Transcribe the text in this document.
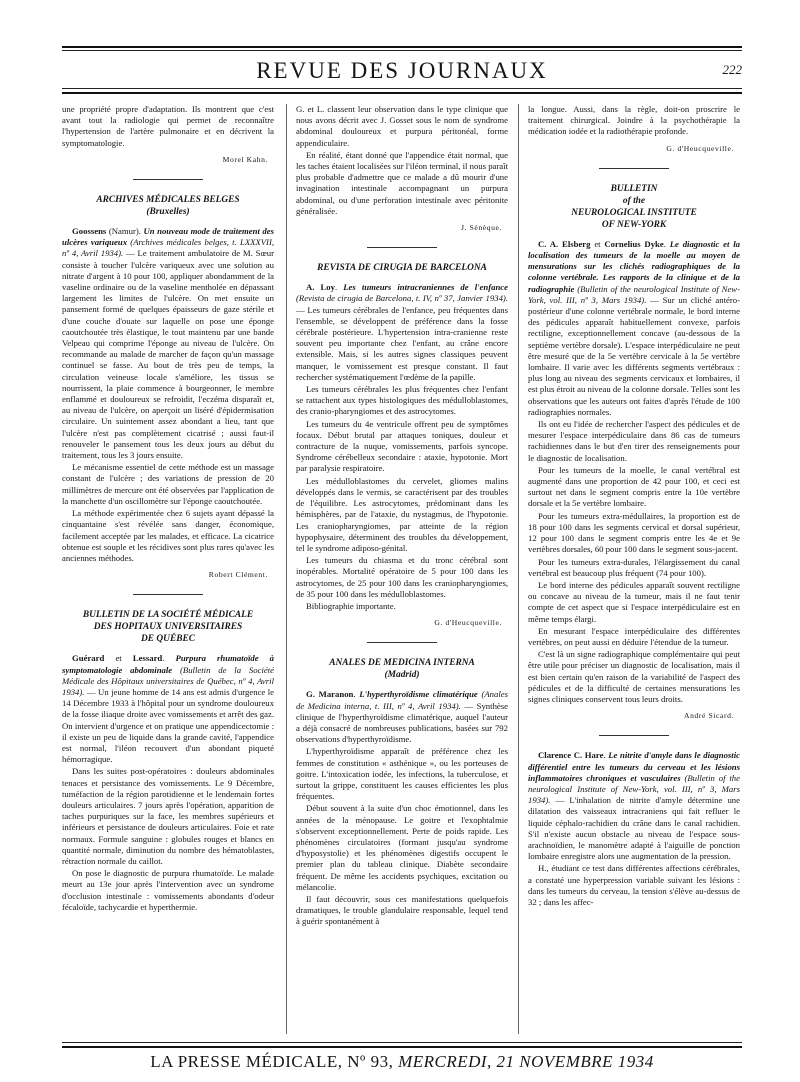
REVUE DES JOURNAUX	222

une propriété propre d'adaptation. Ils montrent que c'est avant tout la radiologie qui permet de reconnaître l'hypertension de l'artère pulmonaire et en décrivent la symptomatologie.

Morel Kahn.
ARCHIVES MÉDICALES BELGES
(Bruxelles)

Goossens (Namur). Un nouveau mode de traitement des ulcères variqueux (Archives médicales belges, t. LXXXVII, nº 4, Avril 1934). — Le traitement ambulatoire de M. Sœur consiste à toucher l'ulcère variqueux avec une solution au nitrate d'argent à 10 pour 100, appliquer abondamment de la vaseline ordinaire ou de la vaseline mentholée en dépassant largement les limites de l'ulcère. On met ensuite un pansement formé de quelques épaisseurs de gaze stérile et d'une couche d'ouate sur laquelle on pose une éponge caoutchoutée très élastique, le tout maintenu par une bande Velpeau qui comprime l'éponge au niveau de l'ulcère. On recommande au malade de marcher de façon qu'un massage continuel se fasse. Au bout de très peu de temps, la circulation veineuse locale s'améliore, les tissus se nourrissent, la plaie commence à bourgeonner, le membre enflammé et douloureux se refroidit, l'eczéma disparaît et, au niveau de l'ulcère, on aperçoit un liséré d'épidermisation circulaire. Un suintement assez abondant a lieu, tant que l'ulcère n'est pas complètement cicatrisé ; aussi faut-il renouveler le pansement tous les deux jours au début du traitement, tous les 3 jours ensuite.

Le mécanisme essentiel de cette méthode est un massage constant de l'ulcère ; des variations de pression de 20 millimètres de mercure ont été observées par l'application de la manchette d'un oscillomètre sur l'éponge caoutchoutée.

La méthode expérimentée chez 6 sujets ayant dépassé la cinquantaine s'est révélée sans danger, économique, facilement acceptée par les malades, et efficace. La cicatrice obtenue est souple et les récidives sont plus rares qu'avec les anciennes méthodes.

Robert Clément.
BULLETIN DE LA SOCIÉTÉ MÉDICALE
DES HOPITAUX UNIVERSITAIRES
DE QUÉBEC

Guérard et Lessard. Purpura rhumatoïde à symptomatologie abdominale (Bulletin de la Société Médicale des Hôpitaux universitaires de Québec, nº 4, Avril 1934). — Un jeune homme de 14 ans est admis d'urgence le 14 Décembre 1933 à l'hôpital pour un syndrome douloureux de la fosse iliaque droite avec vomissements et arrêt des gaz. On intervient d'urgence et on pratique une appendicectomie : il existe un peu de liquide dans la grande cavité, l'appendice est normal, l'iléon recouvert d'un abondant piqueté hémorragique.

Dans les suites post-opératoires : douleurs abdominales tenaces et persistance des vomissements. Le 9 Décembre, tuméfaction de la région parotidienne et le lendemain fortes douleurs articulaires. 7 jours après l'opération, apparition de taches purpuriques sur la face, les membres supérieurs et inférieurs et persistance de douleurs articulaires. Foie et rate normaux. Formule sanguine : globules rouges et blancs en quantité normale, diminution du nombre des hématoblastes, rétraction normale du caillot.

On pose le diagnostic de purpura rhumatoïde. Le malade meurt au 13e jour après l'intervention avec un syndrome d'occlusion intestinale : vomissements abondants d'odeur fécaloïde, tachycardie et hyperthermie.

G. et L. classent leur observation dans le type clinique que nous avons décrit avec J. Gosset sous le nom de syndrome abdominal douloureux et purpura péritonéal, forme appendiculaire.

En réalité, étant donné que l'appendice était normal, que les taches étaient localisées sur l'iléon terminal, il nous paraît plus probable d'admettre que ce malade a dû mourir d'une invagination intestinale accompagnant un purpura abdominal, ou d'une perforation intestinale avec péritonite généralisée.

J. Sénèque.
REVISTA DE CIRUGIA DE BARCELONA

A. Loy. Les tumeurs intracraniennes de l'enfance (Revista de cirugia de Barcelona, t. IV, nº 37, Janvier 1934). — Les tumeurs cérébrales de l'enfance, peu fréquentes dans l'ensemble, se développent de préférence dans la fosse cérébrale postérieure. L'hypertension intra-cranienne reste souvent peu importante chez l'enfant, au crâne encore extensible. Mais, si les autres signes classiques peuvent manquer, le vomissement est presque constant. Il faut rechercher systématiquement l'œdème de la papille.

Les tumeurs cérébrales les plus fréquentes chez l'enfant se rattachent aux types histologiques des médulloblastomes, des cranio-pharyngiomes et des astrocytomes.

Les tumeurs du 4e ventricule offrent peu de symptômes focaux. Début brutal par attaques toniques, douleur et contracture de la nuque, vomissements, parfois syncope. Syndrome cérébelleux secondaire : ataxie, hypotonie. Mort par paralysie respiratoire.

Les médulloblastomes du cervelet, gliomes malins développés dans le vermis, se caractérisent par des troubles de l'équilibre. Les astrocytomes, prédominant dans les hémisphères, par de l'ataxie, du nystagmus, de l'hypotonie. Les craniopharyngiomes, par atteinte de la région hypophysaire, déterminent des troubles du développement, tel le syndrome adiposo-génital.

Les tumeurs du chiasma et du tronc cérébral sont inopérables. Mortalité opératoire de 5 pour 100 dans les astrocytomes, de 25 pour 100 dans les craniopharyngiomes, de 35 pour 100 dans les médulloblastomes.

Bibliographie importante.

G. d'Heucqueville.
ANALES DE MEDICINA INTERNA
(Madrid)

G. Maranon. L'hyperthyroïdisme climatérique (Anales de Medicina interna, t. III, nº 4, Avril 1934). — Synthèse clinique de l'hyperthyroïdisme climatérique, auquel l'auteur a déjà consacré de nombreuses publications, basées sur 792 observations d'hyperthyroïdisme.

L'hyperthyroïdisme apparaît de préférence chez les femmes de constitution « asthénique », ou les porteuses de goitre. L'intoxication iodée, les infections, la tuberculose, et surtout la grippe, constituent les causes efficientes les plus fréquentes.

Début souvent à la suite d'un choc émotionnel, dans les années de la ménopause. Le goitre et l'exophtalmie s'observent exceptionnellement. Perte de poids rapide. Les phénomènes circulatoires (formant jusqu'au syndrome d'hyposystolie) et les phénomènes digestifs occupent le premier plan du tableau clinique. Diabète secondaire fréquent. De même les accidents psychiques, excitation ou mélancolie.

Il faut découvrir, sous ces manifestations quelquefois dramatiques, le trouble glandulaire responsable, lequel tend à guérir spontanément à

la longue. Aussi, dans la règle, doit-on proscrire le traitement chirurgical. Joindre à la psychothérapie la médication iodée et la radiothérapie profonde.

G. d'Heucqueville.
BULLETIN
of the
NEUROLOGICAL INSTITUTE
OF NEW-YORK

C. A. Elsberg et Cornelius Dyke. Le diagnostic et la localisation des tumeurs de la moelle au moyen de mensurations sur les clichés radiographiques de la colonne vertébrale. Les rapports de la clinique et de la radiographie (Bulletin of the neurological Institute of New-York, vol. III, nº 3, Mars 1934). — Sur un cliché antéro-postérieur d'une colonne vertébrale normale, le bord interne des pédicules apparaît habituellement convexe, parfois rectiligne, exceptionnellement concave (au-dessous de la septième vertèbre dorsale). L'espace interpédiculaire ne peut être mesuré que de la 5e vertèbre cervicale à la 5e vertèbre lombaire. Il varie avec les différents segments vertébraux : plus long au niveau des segments cervicaux et lombaires, il est plus étroit au niveau de la colonne dorsale. Telles sont les observations que les auteurs ont faites d'après l'étude de 100 radiographies normales.

Ils ont eu l'idée de rechercher l'aspect des pédicules et de mesurer l'espace interpédiculaire dans 86 cas de tumeurs rachidiennes dans le but d'en tirer des renseignements pour le diagnostic de localisation.

Pour les tumeurs de la moelle, le canal vertébral est augmenté dans une proportion de 42 pour 100, et ceci est surtout net dans le segment compris entre la 10e vertèbre dorsale et la 5e vertèbre lombaire.

Pour les tumeurs extra-médullaires, la proportion est de 18 pour 100 dans les segments cervical et dorsal supérieur, 12 pour 100 dans le segment compris entre les 4e et 9e vertèbres dorsales, 60 pour 100 dans le segment sous-jacent.

Pour les tumeurs extra-durales, l'élargissement du canal vertébral est beaucoup plus fréquent (74 pour 100).

Le bord interne des pédicules apparaît souvent rectiligne ou concave au niveau de la tumeur, mais il ne faut tenir compte de cet aspect que si l'espace interpédiculaire est en même temps élargi.

En mesurant l'espace interpédiculaire des différentes vertèbres, on peut aussi en déduire l'étendue de la tumeur.

C'est là un signe radiographique complémentaire qui peut être utile pour préciser un diagnostic de localisation, mais il est bien certain qu'en raison de la variabilité de l'aspect des pédicules et de la difficulté de certaines mensurations les signes cliniques conservent tous leurs droits.

André Sicard.

Clarence C. Hare. Le nitrite d'amyle dans le diagnostic différentiel entre les tumeurs du cerveau et les lésions inflammatoires chroniques et vasculaires (Bulletin of the neurological Institute of New-York, vol. III, nº 3, Mars 1934). — L'inhalation de nitrite d'amyle détermine une dilatation des vaisseaux intracraniens qui fait refluer le liquide céphalo-rachidien du crâne dans le canal rachidien. S'il n'existe aucun obstacle au niveau de l'espace sous-arachnoïdien, le manomètre adapté à l'aiguille de ponction lombaire enregistre alors une augmentation de la pression.

H., étudiant ce test dans différentes affections cérébrales, a constaté une hyperpression variable suivant les lésions : dans les tumeurs du cerveau, la tension s'élève au-dessus de 32 ; dans les affec-

LA PRESSE MÉDICALE, Nº 93, MERCREDI, 21 NOVEMBRE 1934
